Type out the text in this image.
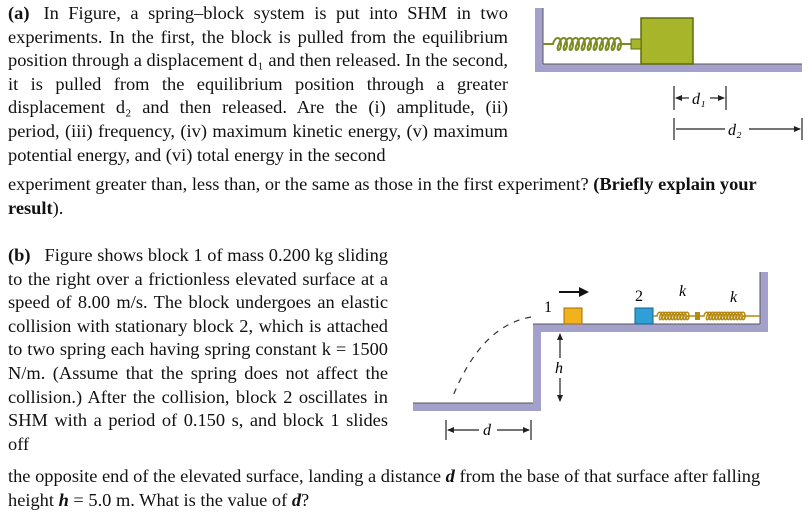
(a) In Figure, a spring–block system is put into SHM in two experiments. In the first, the block is pulled from the equilibrium position through a displacement d₁ and then released. In the second, it is pulled from the equilibrium position through a greater displacement d₂ and then released. Are the (i) amplitude, (ii) period, (iii) frequency, (iv) maximum kinetic energy, (v) maximum potential energy, and (vi) total energy in the second
experiment greater than, less than, or the same as those in the first experiment? (Briefly explain your result).
d₁
d₂
(b) Figure shows block 1 of mass 0.200 kg sliding to the right over a frictionless elevated surface at a speed of 8.00 m/s. The block undergoes an elastic collision with stationary block 2, which is attached to two spring each having spring constant k = 1500 N/m. (Assume that the spring does not affect the collision.) After the collision, block 2 oscillates in SHM with a period of 0.150 s, and block 1 slides off
the opposite end of the elevated surface, landing a distance d from the base of that surface after falling height h = 5.0 m. What is the value of d?
1
2 k	k
h
d
